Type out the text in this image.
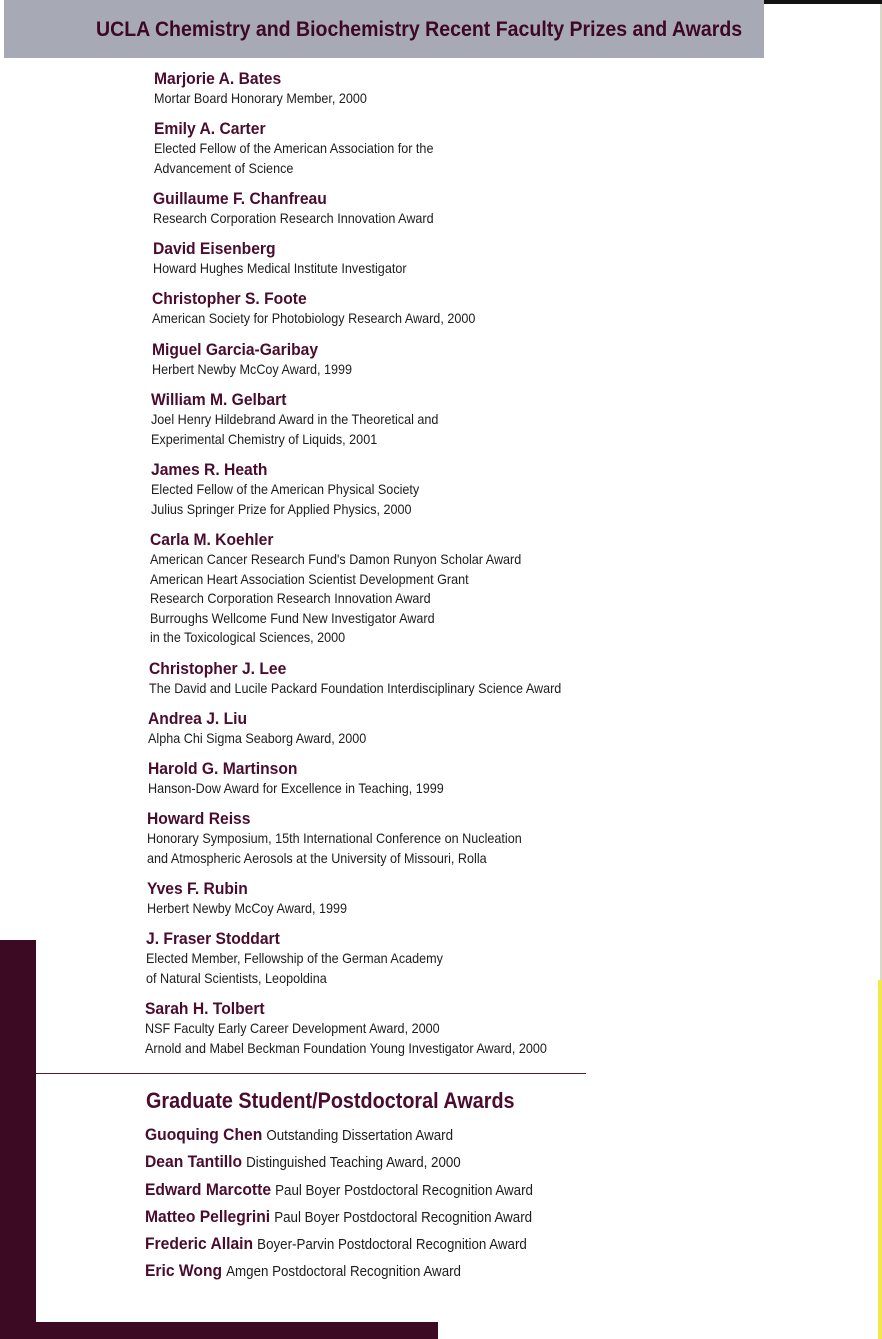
UCLA Chemistry and Biochemistry Recent Faculty Prizes and Awards
Marjorie A. Bates
Mortar Board Honorary Member, 2000
Emily A. Carter
Elected Fellow of the American Association for the
Advancement of Science
Guillaume F. Chanfreau
Research Corporation Research Innovation Award
David Eisenberg
Howard Hughes Medical Institute Investigator
Christopher S. Foote
American Society for Photobiology Research Award, 2000
Miguel Garcia-Garibay
Herbert Newby McCoy Award, 1999
William M. Gelbart
Joel Henry Hildebrand Award in the Theoretical and
Experimental Chemistry of Liquids, 2001
James R. Heath
Elected Fellow of the American Physical Society
Julius Springer Prize for Applied Physics, 2000
Carla M. Koehler
American Cancer Research Fund's Damon Runyon Scholar Award
American Heart Association Scientist Development Grant
Research Corporation Research Innovation Award
Burroughs Wellcome Fund New Investigator Award
in the Toxicological Sciences, 2000
Christopher J. Lee
The David and Lucile Packard Foundation Interdisciplinary Science Award
Andrea J. Liu
Alpha Chi Sigma Seaborg Award, 2000
Harold G. Martinson
Hanson-Dow Award for Excellence in Teaching, 1999
Howard Reiss
Honorary Symposium, 15th International Conference on Nucleation
and Atmospheric Aerosols at the University of Missouri, Rolla
Yves F. Rubin
Herbert Newby McCoy Award, 1999
J. Fraser Stoddart
Elected Member, Fellowship of the German Academy
of Natural Scientists, Leopoldina
Sarah H. Tolbert
NSF Faculty Early Career Development Award, 2000
Arnold and Mabel Beckman Foundation Young Investigator Award, 2000
Graduate Student/Postdoctoral Awards
Guoquing Chen Outstanding Dissertation Award
Dean Tantillo Distinguished Teaching Award, 2000
Edward Marcotte Paul Boyer Postdoctoral Recognition Award
Matteo Pellegrini Paul Boyer Postdoctoral Recognition Award
Frederic Allain Boyer-Parvin Postdoctoral Recognition Award
Eric Wong Amgen Postdoctoral Recognition Award
